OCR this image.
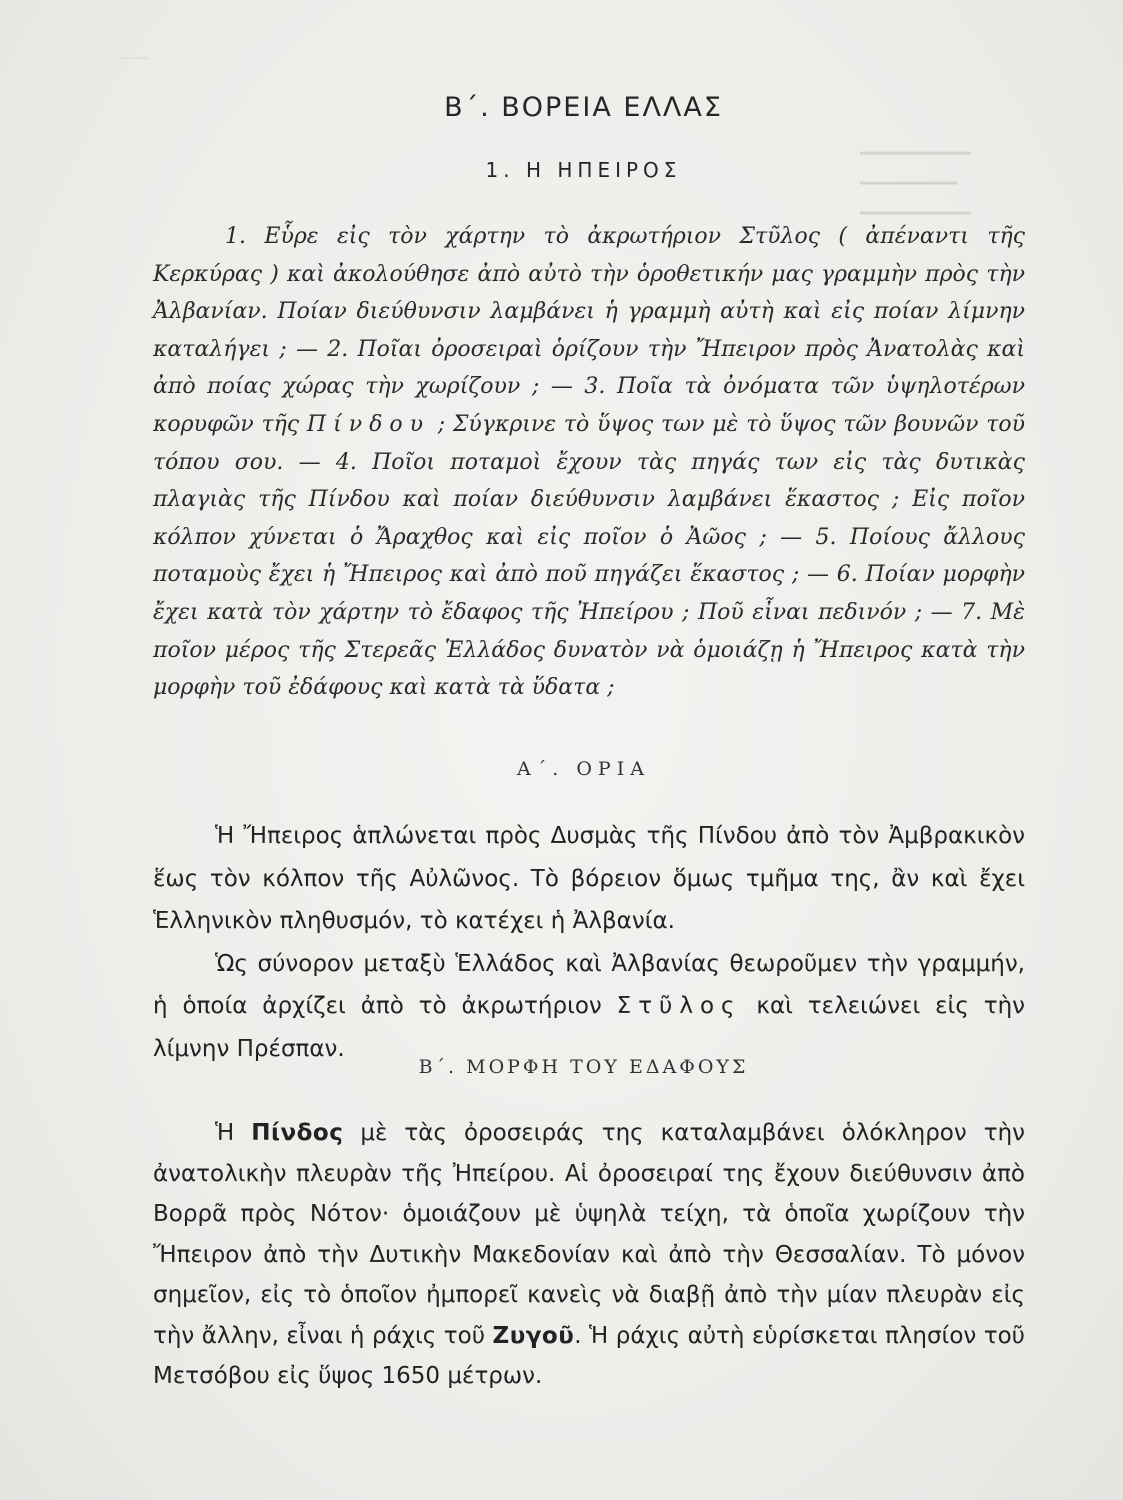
——
▁▁▁▁▁▁▁▁
▁▁▁▁▁▁▁
▁▁▁▁▁▁▁▁
Β΄. ΒΟΡΕΙΑ ΕΛΛΑΣ
1. Η ΗΠΕΙΡΟΣ
1. Εὗρε εἰς τὸν χάρτην τὸ ἀκρωτήριον Στῦλος ( ἀπέναντι τῆς Κερκύρας ) καὶ ἀκολούθησε ἀπὸ αὐτὸ τὴν ὁροθετικήν μας γραμμὴν πρὸς τὴν Ἀλβανίαν. Ποίαν διεύθυνσιν λαμβάνει ἡ γραμμὴ αὐτὴ καὶ εἰς ποίαν λίμνην καταλήγει ; — 2. Ποῖαι ὀροσειραὶ ὁρίζουν τὴν Ἤπειρον πρὸς Ἀνατολὰς καὶ ἀπὸ ποίας χώρας τὴν χωρίζουν ; — 3. Ποῖα τὰ ὀνόματα τῶν ὑψηλοτέρων κορυφῶν τῆς Πίνδου ; Σύγκρινε τὸ ὕψος των μὲ τὸ ὕψος τῶν βουνῶν τοῦ τόπου σου. — 4. Ποῖοι ποταμοὶ ἔχουν τὰς πηγάς των εἰς τὰς δυτικὰς πλαγιὰς τῆς Πίνδου καὶ ποίαν διεύθυνσιν λαμβάνει ἕκαστος ; Εἰς ποῖον κόλπον χύνεται ὁ Ἄραχθος καὶ εἰς ποῖον ὁ Ἀῶος ; — 5. Ποίους ἄλλους ποταμοὺς ἔχει ἡ Ἤπειρος καὶ ἀπὸ ποῦ πηγάζει ἕκαστος ; — 6. Ποίαν μορφὴν ἔχει κατὰ τὸν χάρτην τὸ ἔδαφος τῆς Ἠπείρου ; Ποῦ εἶναι πεδινόν ; — 7. Μὲ ποῖον μέρος τῆς Στερεᾶς Ἑλλάδος δυνατὸν νὰ ὁμοιάζῃ ἡ Ἤπειρος κατὰ τὴν μορφὴν τοῦ ἐδάφους καὶ κατὰ τὰ ὕδατα ;
Α΄. ΟΡΙΑ

Ἡ Ἤπειρος ἁπλώνεται πρὸς Δυσμὰς τῆς Πίνδου ἀπὸ τὸν Ἀμβρακικὸν ἕως τὸν κόλπον τῆς Αὐλῶνος. Τὸ βόρειον ὅμως τμῆμα της, ἂν καὶ ἔχει Ἑλληνικὸν πληθυσμόν, τὸ κατέχει ἡ Ἀλβανία.

Ὡς σύνορον μεταξὺ Ἑλλάδος καὶ Ἀλβανίας θεωροῦμεν τὴν γραμμήν, ἡ ὁποία ἀρχίζει ἀπὸ τὸ ἀκρωτήριον Στῦλος καὶ τελειώνει εἰς τὴν λίμνην Πρέσπαν.

Β΄. ΜΟΡΦΗ ΤΟΥ ΕΔΑΦΟΥΣ

Ἡ Πίνδος μὲ τὰς ὀροσειράς της καταλαμβάνει ὁλόκληρον τὴν ἀνατολικὴν πλευρὰν τῆς Ἠπείρου. Αἱ ὀροσειραί της ἔχουν διεύθυνσιν ἀπὸ Βορρᾶ πρὸς Νότον· ὁμοιάζουν μὲ ὑψηλὰ τείχη, τὰ ὁποῖα χωρίζουν τὴν Ἤπειρον ἀπὸ τὴν Δυτικὴν Μακεδονίαν καὶ ἀπὸ τὴν Θεσσαλίαν. Τὸ μόνον σημεῖον, εἰς τὸ ὁποῖον ἠμπορεῖ κανεὶς νὰ διαβῇ ἀπὸ τὴν μίαν πλευρὰν εἰς τὴν ἄλλην, εἶναι ἡ ράχις τοῦ Ζυγοῦ. Ἡ ράχις αὐτὴ εὑρίσκεται πλησίον τοῦ Μετσόβου εἰς ὕψος 1650 μέτρων.
